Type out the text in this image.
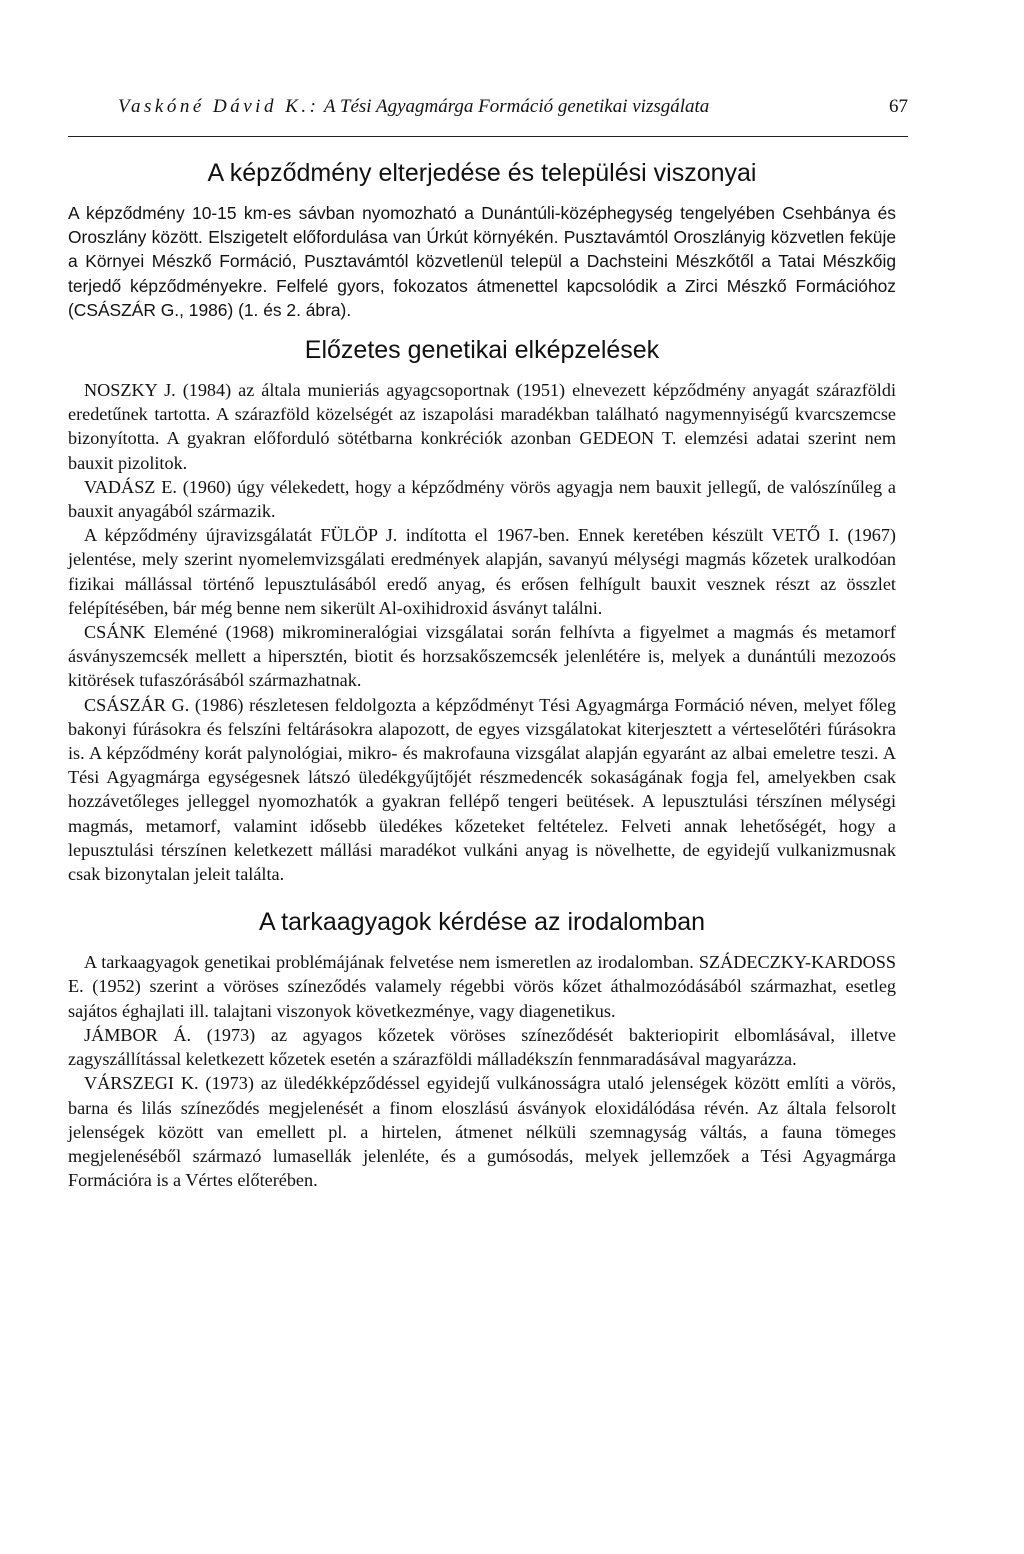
Vaskóné Dávid K.: A Tési Agyagmárga Formáció genetikai vizsgálata	67
A képződmény elterjedése és települési viszonyai

A képződmény 10-15 km-es sávban nyomozható a Dunántúli-középhegység tengelyében Csehbánya és Oroszlány között. Elszigetelt előfordulása van Úrkút környékén. Pusztavámtól Oroszlányig közvetlen feküje a Környei Mészkő Formáció, Pusztavámtól közvetlenül települ a Dachsteini Mészkőtől a Tatai Mészkőig terjedő képződményekre. Felfelé gyors, fokozatos átmenettel kapcsolódik a Zirci Mészkő Formációhoz (CSÁSZÁR G., 1986) (1. és 2. ábra).

Előzetes genetikai elképzelések

NOSZKY J. (1984) az általa munieriás agyagcsoportnak (1951) elnevezett képződmény anyagát szárazföldi eredetűnek tartotta. A szárazföld közelségét az iszapolási maradékban található nagymennyiségű kvarcszemcse bizonyította. A gyakran előforduló sötétbarna konkréciók azonban GEDEON T. elemzési adatai szerint nem bauxit pizolitok.

VADÁSZ E. (1960) úgy vélekedett, hogy a képződmény vörös agyagja nem bauxit jellegű, de valószínűleg a bauxit anyagából származik.

A képződmény újravizsgálatát FÜLÖP J. indította el 1967-ben. Ennek keretében készült VETŐ I. (1967) jelentése, mely szerint nyomelemvizsgálati eredmények alapján, savanyú mélységi magmás kőzetek uralkodóan fizikai mállással történő lepusztulásából eredő anyag, és erősen felhígult bauxit vesznek részt az összlet felépítésében, bár még benne nem sikerült Al-oxihidroxid ásványt találni.

CSÁNK Eleméné (1968) mikromineralógiai vizsgálatai során felhívta a figyelmet a magmás és metamorf ásványszemcsék mellett a hipersztén, biotit és horzsakőszemcsék jelenlétére is, melyek a dunántúli mezozoós kitörések tufaszórásából származhatnak.

CSÁSZÁR G. (1986) részletesen feldolgozta a képződményt Tési Agyagmárga Formáció néven, melyet főleg bakonyi fúrásokra és felszíni feltárásokra alapozott, de egyes vizsgálatokat kiterjesztett a vérteselőtéri fúrásokra is. A képződmény korát palynológiai, mikro- és makrofauna vizsgálat alapján egyaránt az albai emeletre teszi. A Tési Agyagmárga egységesnek látszó üledékgyűjtőjét részmedencék sokaságának fogja fel, amelyekben csak hozzávetőleges jelleggel nyomozhatók a gyakran fellépő tengeri beütések. A lepusztulási térszínen mélységi magmás, metamorf, valamint idősebb üledékes kőzeteket feltételez. Felveti annak lehetőségét, hogy a lepusztulási térszínen keletkezett mállási maradékot vulkáni anyag is növelhette, de egyidejű vulkanizmusnak csak bizonytalan jeleit találta.

A tarkaagyagok kérdése az irodalomban

A tarkaagyagok genetikai problémájának felvetése nem ismeretlen az irodalomban. SZÁDECZKY-KARDOSS E. (1952) szerint a vöröses színeződés valamely régebbi vörös kőzet áthalmozódásából származhat, esetleg sajátos éghajlati ill. talajtani viszonyok következménye, vagy diagenetikus.

JÁMBOR Á. (1973) az agyagos kőzetek vöröses színeződését bakteriopirit elbomlásával, illetve zagyszállítással keletkezett kőzetek esetén a szárazföldi málladékszín fennmaradásával magyarázza.

VÁRSZEGI K. (1973) az üledékképződéssel egyidejű vulkánosságra utaló jelenségek között említi a vörös, barna és lilás színeződés megjelenését a finom eloszlású ásványok eloxidálódása révén. Az általa felsorolt jelenségek között van emellett pl. a hirtelen, átmenet nélküli szemnagyság váltás, a fauna tömeges megjelenéséből származó lumasellák jelenléte, és a gumósodás, melyek jellemzőek a Tési Agyagmárga Formációra is a Vértes előterében.
